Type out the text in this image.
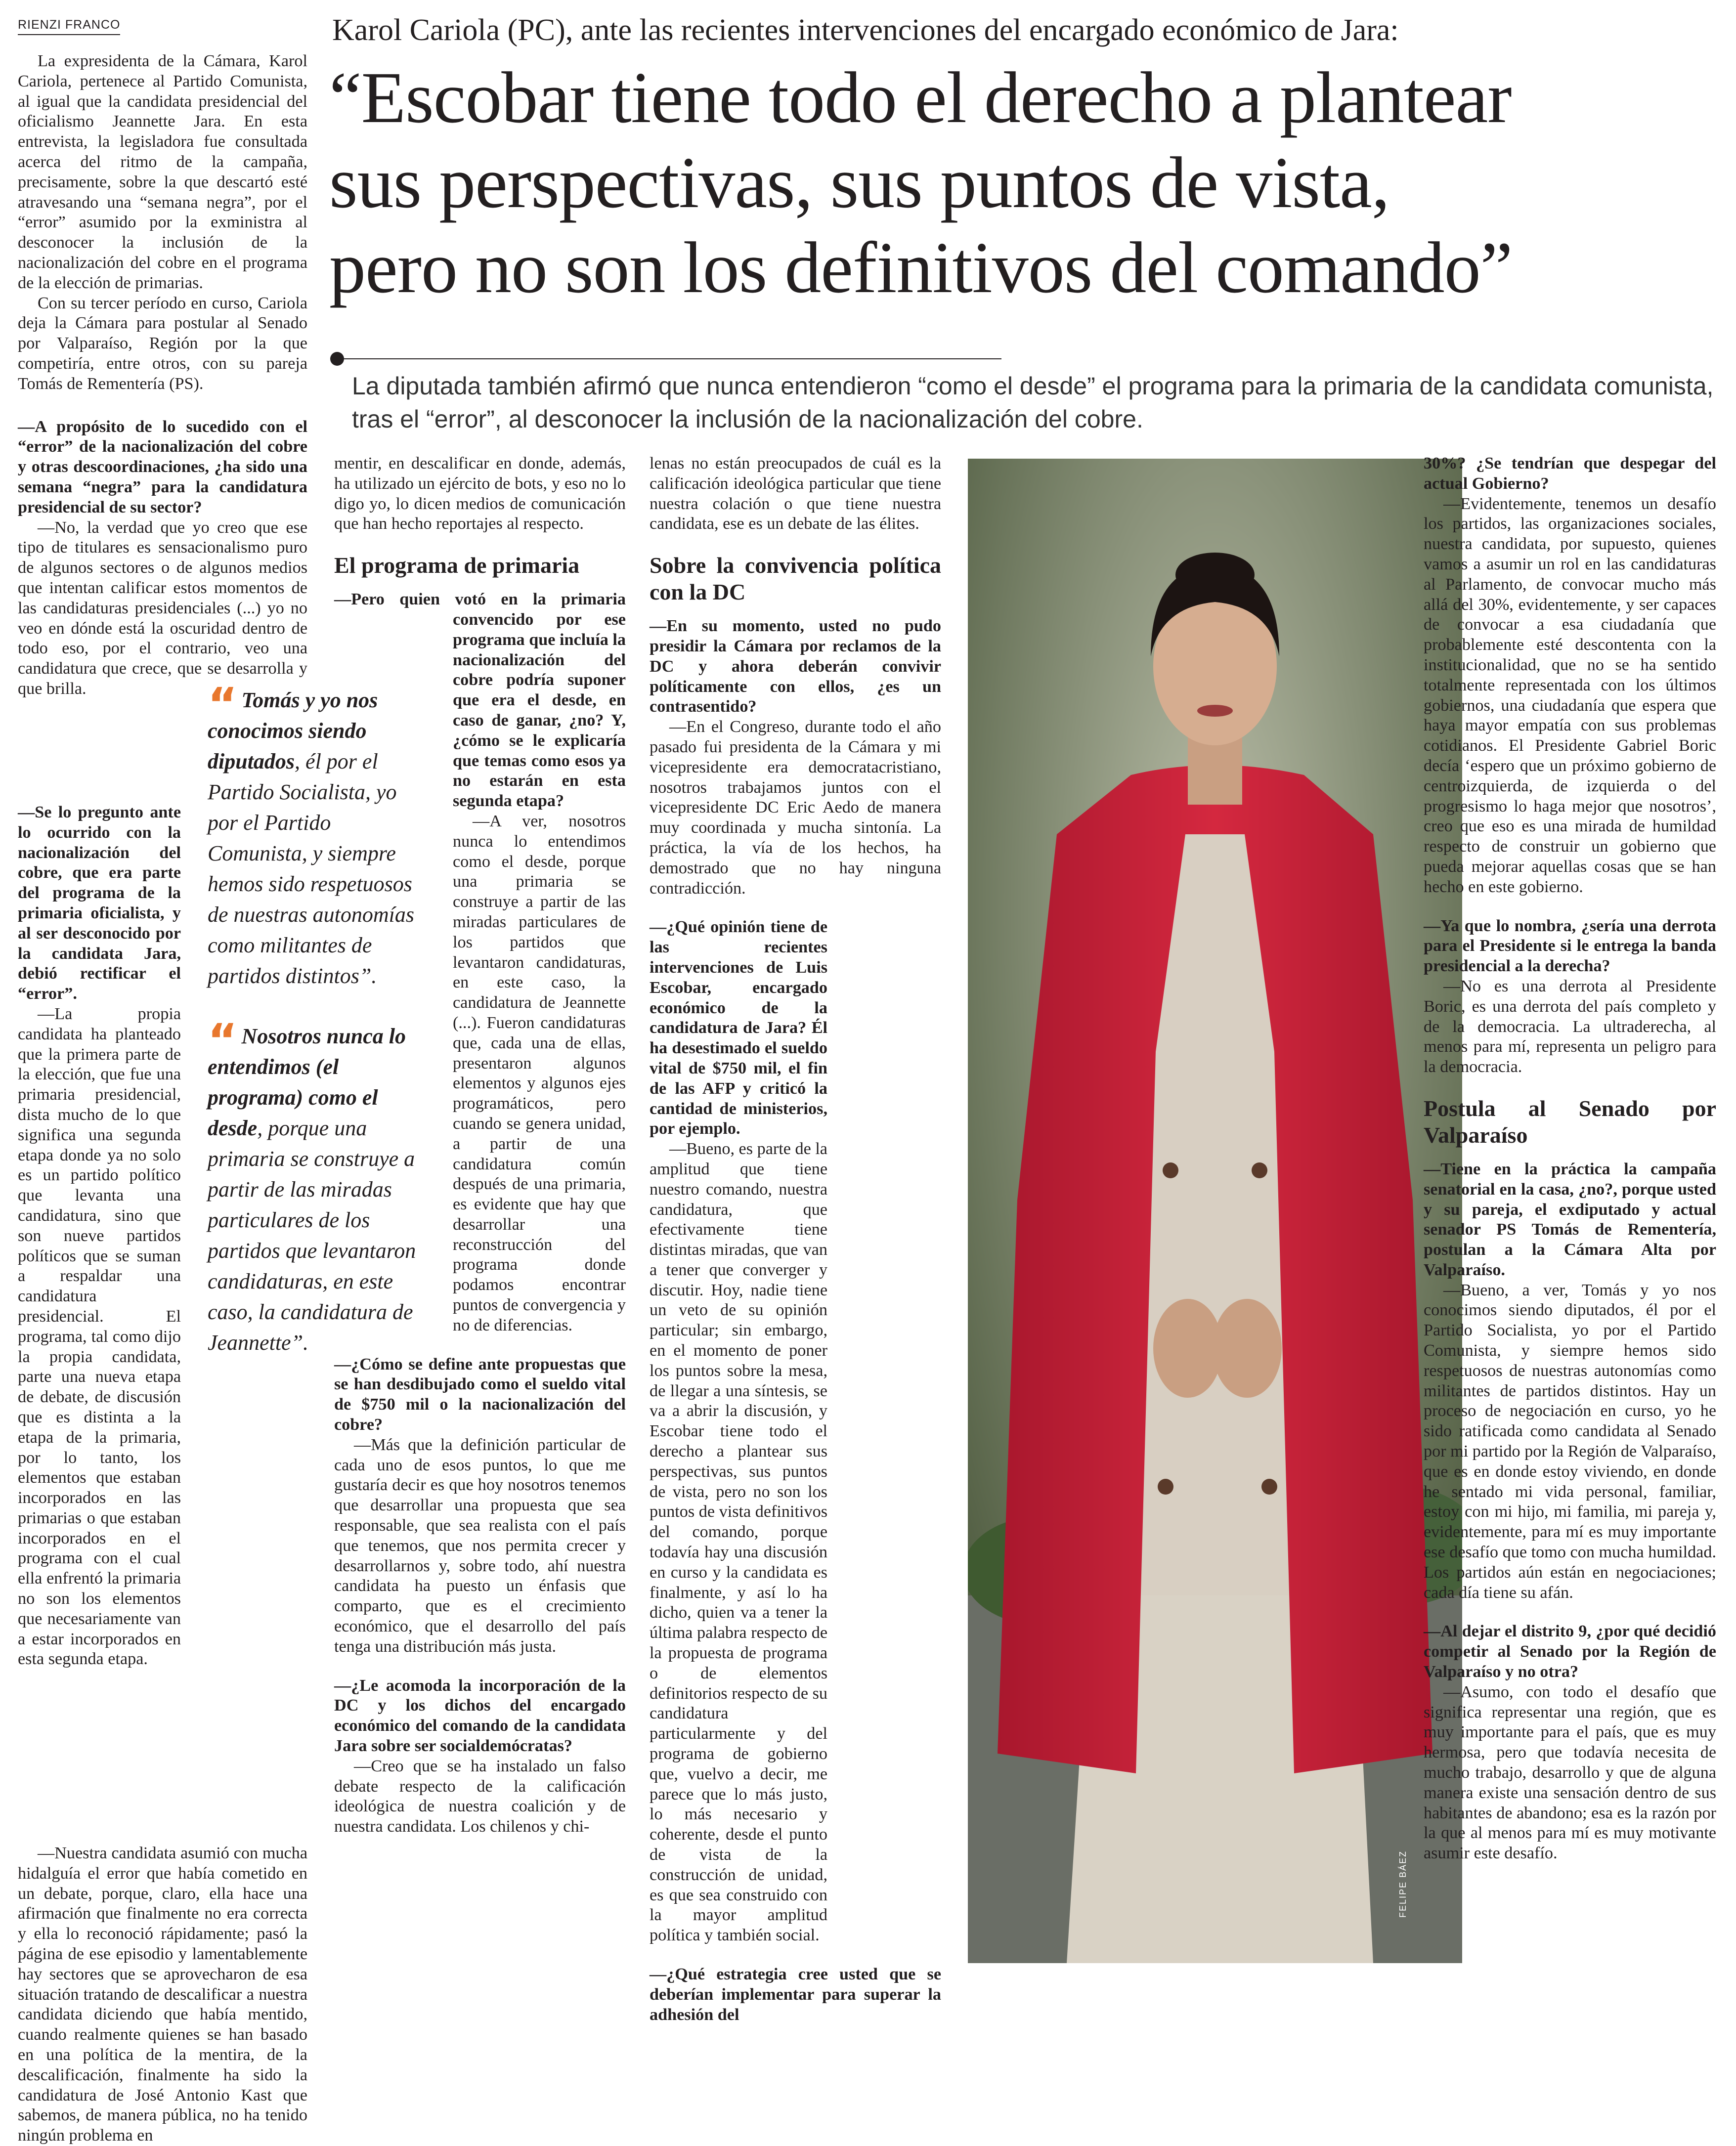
RIENZI FRANCO	Karol Cariola (PC), ante las recientes intervenciones del encargado económico de Jara:
“Escobar tiene todo el derecho a plantear
sus perspectivas, sus puntos de vista,
pero no son los definitivos del comando”
La diputada también afirmó que nunca entendieron “como el desde” el programa para la primaria de la candidata comunista, tras el “error”, al desconocer la inclusión de la nacionalización del cobre.

La expresidenta de la Cámara, Karol Cariola, pertenece al Partido Comunista, al igual que la candidata presidencial del oficialismo Jeannette Jara. En esta entrevista, la legisladora fue consultada acerca del ritmo de la campaña, precisamente, sobre la que descartó esté atravesando una “semana negra”, por el “error” asumido por la exministra al desconocer la inclusión de la nacionalización del cobre en el programa de la elección de primarias.

Con su tercer período en curso, Cariola deja la Cámara para postular al Senado por Valparaíso, Región por la que competiría, entre otros, con su pareja Tomás de Rementería (PS).

—A propósito de lo sucedido con el “error” de la nacionalización del cobre y otras descoordinaciones, ¿ha sido una semana “negra” para la candidatura presidencial de su sector?

—No, la verdad que yo creo que ese tipo de titulares es sensacionalismo puro de algunos sectores o de algunos medios que intentan calificar estos momentos de las candidaturas presidenciales (...) yo no veo en dónde está la oscuridad dentro de todo eso, por el contrario, veo una candidatura que crece, que se desarrolla y que brilla.

—Se lo pregunto ante lo ocurrido con la nacionalización del cobre, que era parte del programa de la primaria oficialista, y al ser desconocido por la candidata Jara, debió rectificar el “error”.

—La propia candidata ha planteado que la primera parte de la elección, que fue una primaria presidencial, dista mucho de lo que significa una segunda etapa donde ya no solo es un partido político que levanta una candidatura, sino que son nueve partidos políticos que se suman a respaldar una candidatura presidencial. El programa, tal como dijo la propia candidata, parte una nueva etapa de debate, de discusión que es distinta a la etapa de la primaria, por lo tanto, los elementos que estaban incorporados en las primarias o que estaban incorporados en el programa con el cual ella enfrentó la primaria no son los elementos que necesariamente van a estar incorporados en esta segunda etapa.

—Nuestra candidata asumió con mucha hidalguía el error que había cometido en un debate, porque, claro, ella hace una afirmación que finalmente no era correcta y ella lo reconoció rápidamente; pasó la página de ese episodio y lamentablemente hay sectores que se aprovecharon de esa situación tratando de descalificar a nuestra candidata diciendo que había mentido, cuando realmente quienes se han basado en una política de la mentira, de la descalificación, finalmente ha sido la candidatura de José Antonio Kast que sabemos, de manera pública, no ha tenido ningún problema en

“ Tomás y yo nos conocimos siendo diputados, él por el Partido Socialista, yo por el Partido Comunista, y siempre hemos sido respetuosos de nuestras autonomías como militantes de partidos distintos”.

“ Nosotros nunca lo entendimos (el programa) como el desde, porque una primaria se construye a partir de las miradas particulares de los partidos que levantaron candidaturas, en este caso, la candidatura de Jeannette”.

mentir, en descalificar en donde, además, ha utilizado un ejército de bots, y eso no lo digo yo, lo dicen medios de comunicación que han hecho reportajes al respecto.

El programa de primaria

—Pero quien votó en la primaria convencido por ese programa que incluía la nacionalización del cobre podría suponer que era el desde, en caso de ganar, ¿no? Y, ¿cómo se le explicaría que temas como esos ya no estarán en esta segunda etapa?

—A ver, nosotros nunca lo entendimos como el desde, porque una primaria se construye a partir de las miradas particulares de los partidos que levantaron candidaturas, en este caso, la candidatura de Jeannette (...). Fueron candidaturas que, cada una de ellas, presentaron algunos elementos y algunos ejes programáticos, pero cuando se genera unidad, a partir de una candidatura común después de una primaria, es evidente que hay que desarrollar una reconstrucción del programa donde podamos encontrar puntos de convergencia y no de diferencias.

—¿Cómo se define ante propuestas que se han desdibujado como el sueldo vital de $750 mil o la nacionalización del cobre?

—Más que la definición particular de cada uno de esos puntos, lo que me gustaría decir es que hoy nosotros tenemos que desarrollar una propuesta que sea responsable, que sea realista con el país que tenemos, que nos permita crecer y desarrollarnos y, sobre todo, ahí nuestra candidata ha puesto un énfasis que comparto, que es el crecimiento económico, que el desarrollo del país tenga una distribución más justa.

—¿Le acomoda la incorporación de la DC y los dichos del encargado económico del comando de la candidata Jara sobre ser socialdemócratas?

—Creo que se ha instalado un falso debate respecto de la calificación ideológica de nuestra coalición y de nuestra candidata. Los chilenos y chi-

lenas no están preocupados de cuál es la calificación ideológica particular que tiene nuestra colación o que tiene nuestra candidata, ese es un debate de las élites.

Sobre la convivencia política con la DC

—En su momento, usted no pudo presidir la Cámara por reclamos de la DC y ahora deberán convivir políticamente con ellos, ¿es un contrasentido?

—En el Congreso, durante todo el año pasado fui presidenta de la Cámara y mi vicepresidente era democratacristiano, nosotros trabajamos juntos con el vicepresidente DC Eric Aedo de manera muy coordinada y mucha sintonía. La práctica, la vía de los hechos, ha demostrado que no hay ninguna contradicción.

—¿Qué opinión tiene de las recientes intervenciones de Luis Escobar, encargado económico de la candidatura de Jara? Él ha desestimado el sueldo vital de $750 mil, el fin de las AFP y criticó la cantidad de ministerios, por ejemplo.

—Bueno, es parte de la amplitud que tiene nuestro comando, nuestra candidatura, que efectivamente tiene distintas miradas, que van a tener que converger y discutir. Hoy, nadie tiene un veto de su opinión particular; sin embargo, en el momento de poner los puntos sobre la mesa, de llegar a una síntesis, se va a abrir la discusión, y Escobar tiene todo el derecho a plantear sus perspectivas, sus puntos de vista, pero no son los puntos de vista definitivos del comando, porque todavía hay una discusión en curso y la candidata es finalmente, y así lo ha dicho, quien va a tener la última palabra respecto de la propuesta de programa o de elementos definitorios respecto de su candidatura particularmente y del programa de gobierno que, vuelvo a decir, me parece que lo más justo, lo más necesario y coherente, desde el punto de vista de la construcción de unidad, es que sea construido con la mayor amplitud política y también social.

—¿Qué estrategia cree usted que se deberían implementar para superar la adhesión del

FELIPE BÁEZ

30%? ¿Se tendrían que despegar del actual Gobierno?

—Evidentemente, tenemos un desafío los partidos, las organizaciones sociales, nuestra candidata, por supuesto, quienes vamos a asumir un rol en las candidaturas al Parlamento, de convocar mucho más allá del 30%, evidentemente, y ser capaces de convocar a esa ciudadanía que probablemente esté descontenta con la institucionalidad, que no se ha sentido totalmente representada con los últimos gobiernos, una ciudadanía que espera que haya mayor empatía con sus problemas cotidianos. El Presidente Gabriel Boric decía ‘espero que un próximo gobierno de centroizquierda, de izquierda o del progresismo lo haga mejor que nosotros’, creo que eso es una mirada de humildad respecto de construir un gobierno que pueda mejorar aquellas cosas que se han hecho en este gobierno.

—Ya que lo nombra, ¿sería una derrota para el Presidente si le entrega la banda presidencial a la derecha?

—No es una derrota al Presidente Boric, es una derrota del país completo y de la democracia. La ultraderecha, al menos para mí, representa un peligro para la democracia.

Postula al Senado por Valparaíso

—Tiene en la práctica la campaña senatorial en la casa, ¿no?, porque usted y su pareja, el exdiputado y actual senador PS Tomás de Rementería, postulan a la Cámara Alta por Valparaíso.

—Bueno, a ver, Tomás y yo nos conocimos siendo diputados, él por el Partido Socialista, yo por el Partido Comunista, y siempre hemos sido respetuosos de nuestras autonomías como militantes de partidos distintos. Hay un proceso de negociación en curso, yo he sido ratificada como candidata al Senado por mi partido por la Región de Valparaíso, que es en donde estoy viviendo, en donde he sentado mi vida personal, familiar, estoy con mi hijo, mi familia, mi pareja y, evidentemente, para mí es muy importante ese desafío que tomo con mucha humildad. Los partidos aún están en negociaciones; cada día tiene su afán.

—Al dejar el distrito 9, ¿por qué decidió competir al Senado por la Región de Valparaíso y no otra?

—Asumo, con todo el desafío que significa representar una región, que es muy importante para el país, que es muy hermosa, pero que todavía necesita de mucho trabajo, desarrollo y que de alguna manera existe una sensación dentro de sus habitantes de abandono; esa es la razón por la que al menos para mí es muy motivante asumir este desafío.
